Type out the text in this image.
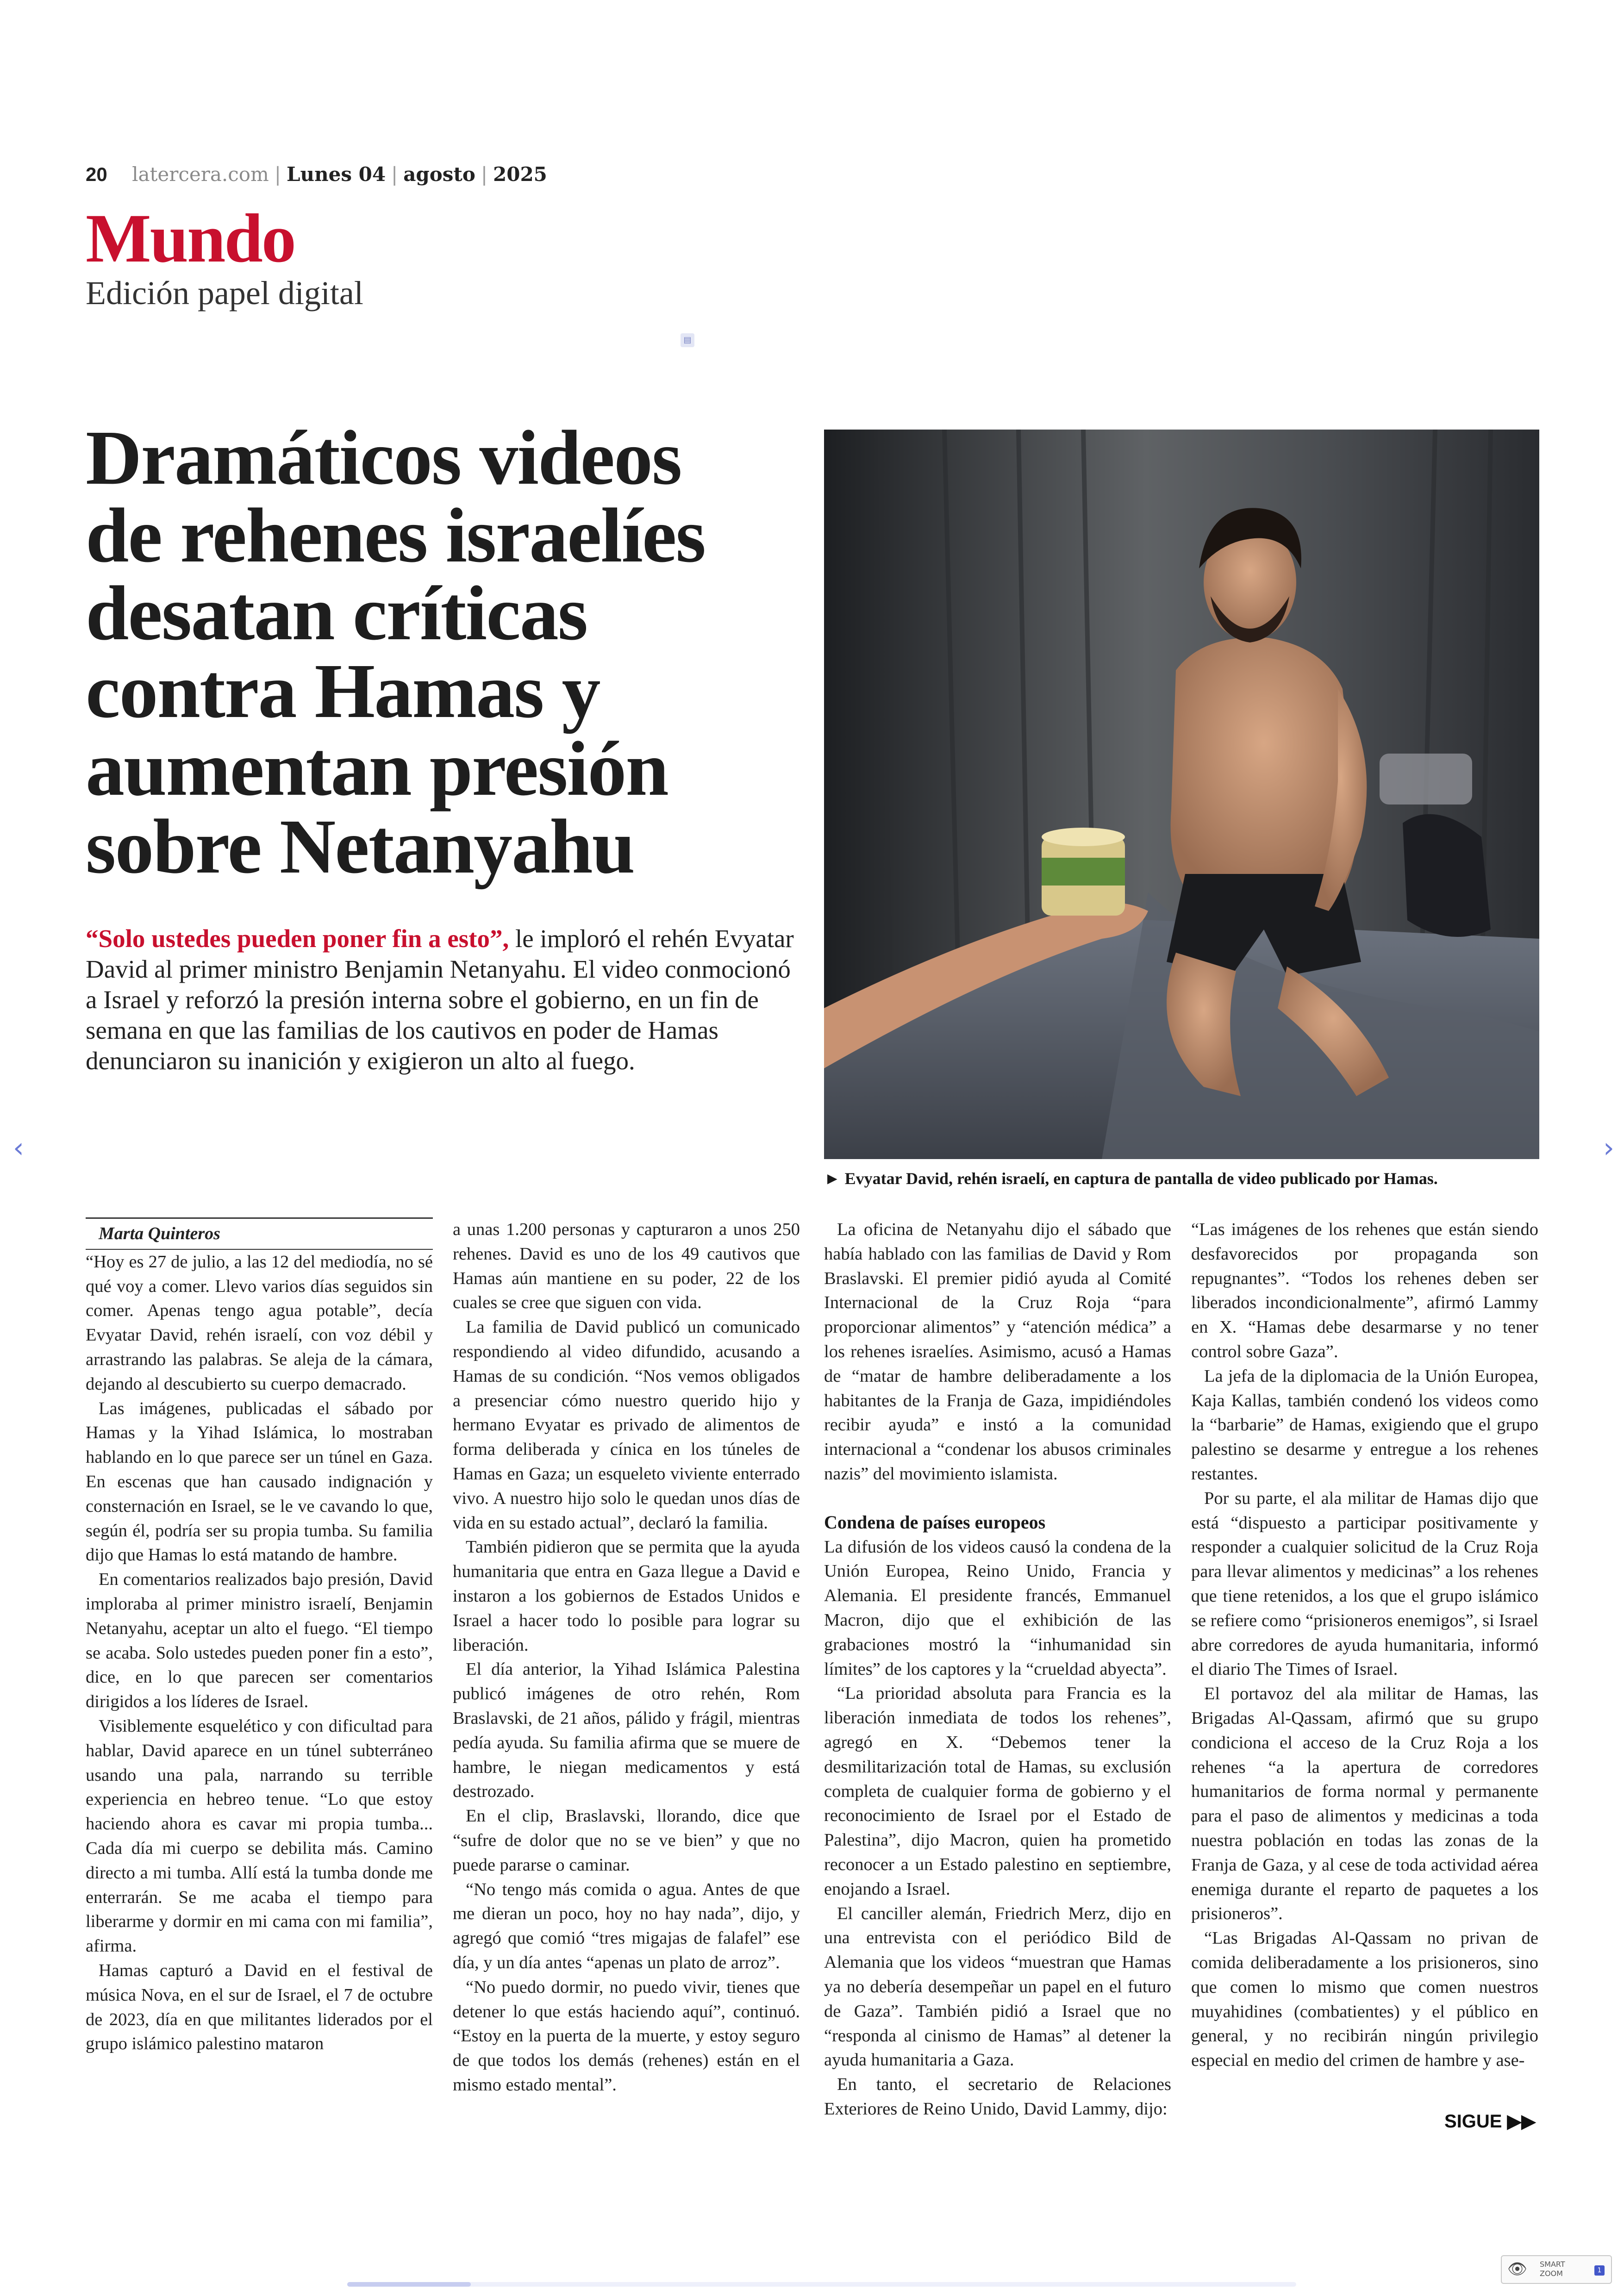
20 latercera.com | Lunes 04 | agosto | 2025
Mundo
Edición papel digital
▤
Dramáticos videos
de rehenes israelíes
desatan críticas
contra Hamas y
aumentan presión
sobre Netanyahu

“Solo ustedes pueden poner fin a esto”, le imploró el rehén Evyatar David al primer ministro Benjamin Netanyahu. El video conmocionó a Israel y reforzó la presión interna sobre el gobierno, en un fin de semana en que las familias de los cautivos en poder de Hamas denunciaron su inanición y exigieron un alto al fuego.

► Evyatar David, rehén israelí, en captura de pantalla de video publicado por Hamas.
‹	›

Marta Quinteros

“Hoy es 27 de julio, a las 12 del mediodía, no sé qué voy a comer. Llevo varios días seguidos sin comer. Apenas tengo agua potable”, decía Evyatar David, rehén israelí, con voz débil y arrastrando las palabras. Se aleja de la cámara, dejando al descubierto su cuerpo demacrado.

Las imágenes, publicadas el sábado por Hamas y la Yihad Islámica, lo mostraban hablando en lo que parece ser un túnel en Gaza. En escenas que han causado indignación y consternación en Israel, se le ve cavando lo que, según él, podría ser su propia tumba. Su familia dijo que Hamas lo está matando de hambre.

En comentarios realizados bajo presión, David imploraba al primer ministro israelí, Benjamin Netanyahu, aceptar un alto el fuego. “El tiempo se acaba. Solo ustedes pueden poner fin a esto”, dice, en lo que parecen ser comentarios dirigidos a los líderes de Israel.

Visiblemente esquelético y con dificultad para hablar, David aparece en un túnel subterráneo usando una pala, narrando su terrible experiencia en hebreo tenue. “Lo que estoy haciendo ahora es cavar mi propia tumba... Cada día mi cuerpo se debilita más. Camino directo a mi tumba. Allí está la tumba donde me enterrarán. Se me acaba el tiempo para liberarme y dormir en mi cama con mi familia”, afirma.

Hamas capturó a David en el festival de música Nova, en el sur de Israel, el 7 de octubre de 2023, día en que militantes liderados por el grupo islámico palestino mataron

a unas 1.200 personas y capturaron a unos 250 rehenes. David es uno de los 49 cautivos que Hamas aún mantiene en su poder, 22 de los cuales se cree que siguen con vida.

La familia de David publicó un comunicado respondiendo al video difundido, acusando a Hamas de su condición. “Nos vemos obligados a presenciar cómo nuestro querido hijo y hermano Evyatar es privado de alimentos de forma deliberada y cínica en los túneles de Hamas en Gaza; un esqueleto viviente enterrado vivo. A nuestro hijo solo le quedan unos días de vida en su estado actual”, declaró la familia.

También pidieron que se permita que la ayuda humanitaria que entra en Gaza llegue a David e instaron a los gobiernos de Estados Unidos e Israel a hacer todo lo posible para lograr su liberación.

El día anterior, la Yihad Islámica Palestina publicó imágenes de otro rehén, Rom Braslavski, de 21 años, pálido y frágil, mientras pedía ayuda. Su familia afirma que se muere de hambre, le niegan medicamentos y está destrozado.

En el clip, Braslavski, llorando, dice que “sufre de dolor que no se ve bien” y que no puede pararse o caminar.

“No tengo más comida o agua. Antes de que me dieran un poco, hoy no hay nada”, dijo, y agregó que comió “tres migajas de falafel” ese día, y un día antes “apenas un plato de arroz”.

“No puedo dormir, no puedo vivir, tienes que detener lo que estás haciendo aquí”, continuó. “Estoy en la puerta de la muerte, y estoy seguro de que todos los demás (rehenes) están en el mismo estado mental”.

La oficina de Netanyahu dijo el sábado que había hablado con las familias de David y Rom Braslavski. El premier pidió ayuda al Comité Internacional de la Cruz Roja “para proporcionar alimentos” y “atención médica” a los rehenes israelíes. Asimismo, acusó a Hamas de “matar de hambre deliberadamente a los habitantes de la Franja de Gaza, impidiéndoles recibir ayuda” e instó a la comunidad internacional a “condenar los abusos criminales nazis” del movimiento islamista.

Condena de países europeos

La difusión de los videos causó la condena de la Unión Europea, Reino Unido, Francia y Alemania. El presidente francés, Emmanuel Macron, dijo que el exhibición de las grabaciones mostró la “inhumanidad sin límites” de los captores y la “crueldad abyecta”.

“La prioridad absoluta para Francia es la liberación inmediata de todos los rehenes”, agregó en X. “Debemos tener la desmilitarización total de Hamas, su exclusión completa de cualquier forma de gobierno y el reconocimiento de Israel por el Estado de Palestina”, dijo Macron, quien ha prometido reconocer a un Estado palestino en septiembre, enojando a Israel.

El canciller alemán, Friedrich Merz, dijo en una entrevista con el periódico Bild de Alemania que los videos “muestran que Hamas ya no debería desempeñar un papel en el futuro de Gaza”. También pidió a Israel que no “responda al cinismo de Hamas” al detener la ayuda humanitaria a Gaza.

En tanto, el secretario de Relaciones Exteriores de Reino Unido, David Lammy, dijo:

“Las imágenes de los rehenes que están siendo desfavorecidos por propaganda son repugnantes”. “Todos los rehenes deben ser liberados incondicionalmente”, afirmó Lammy en X. “Hamas debe desarmarse y no tener control sobre Gaza”.

La jefa de la diplomacia de la Unión Europea, Kaja Kallas, también condenó los videos como la “barbarie” de Hamas, exigiendo que el grupo palestino se desarme y entregue a los rehenes restantes.

Por su parte, el ala militar de Hamas dijo que está “dispuesto a participar positivamente y responder a cualquier solicitud de la Cruz Roja para llevar alimentos y medicinas” a los rehenes que tiene retenidos, a los que el grupo islámico se refiere como “prisioneros enemigos”, si Israel abre corredores de ayuda humanitaria, informó el diario The Times of Israel.

El portavoz del ala militar de Hamas, las Brigadas Al-Qassam, afirmó que su grupo condiciona el acceso de la Cruz Roja a los rehenes “a la apertura de corredores humanitarios de forma normal y permanente para el paso de alimentos y medicinas a toda nuestra población en todas las zonas de la Franja de Gaza, y al cese de toda actividad aérea enemiga durante el reparto de paquetes a los prisioneros”.

“Las Brigadas Al-Qassam no privan de comida deliberadamente a los prisioneros, sino que comen lo mismo que comen nuestros muyahidines (combatientes) y el público en general, y no recibirán ningún privilegio especial en medio del crimen de hambre y ase-

SIGUE ▶▶
👁 SMART ZOOM	1
